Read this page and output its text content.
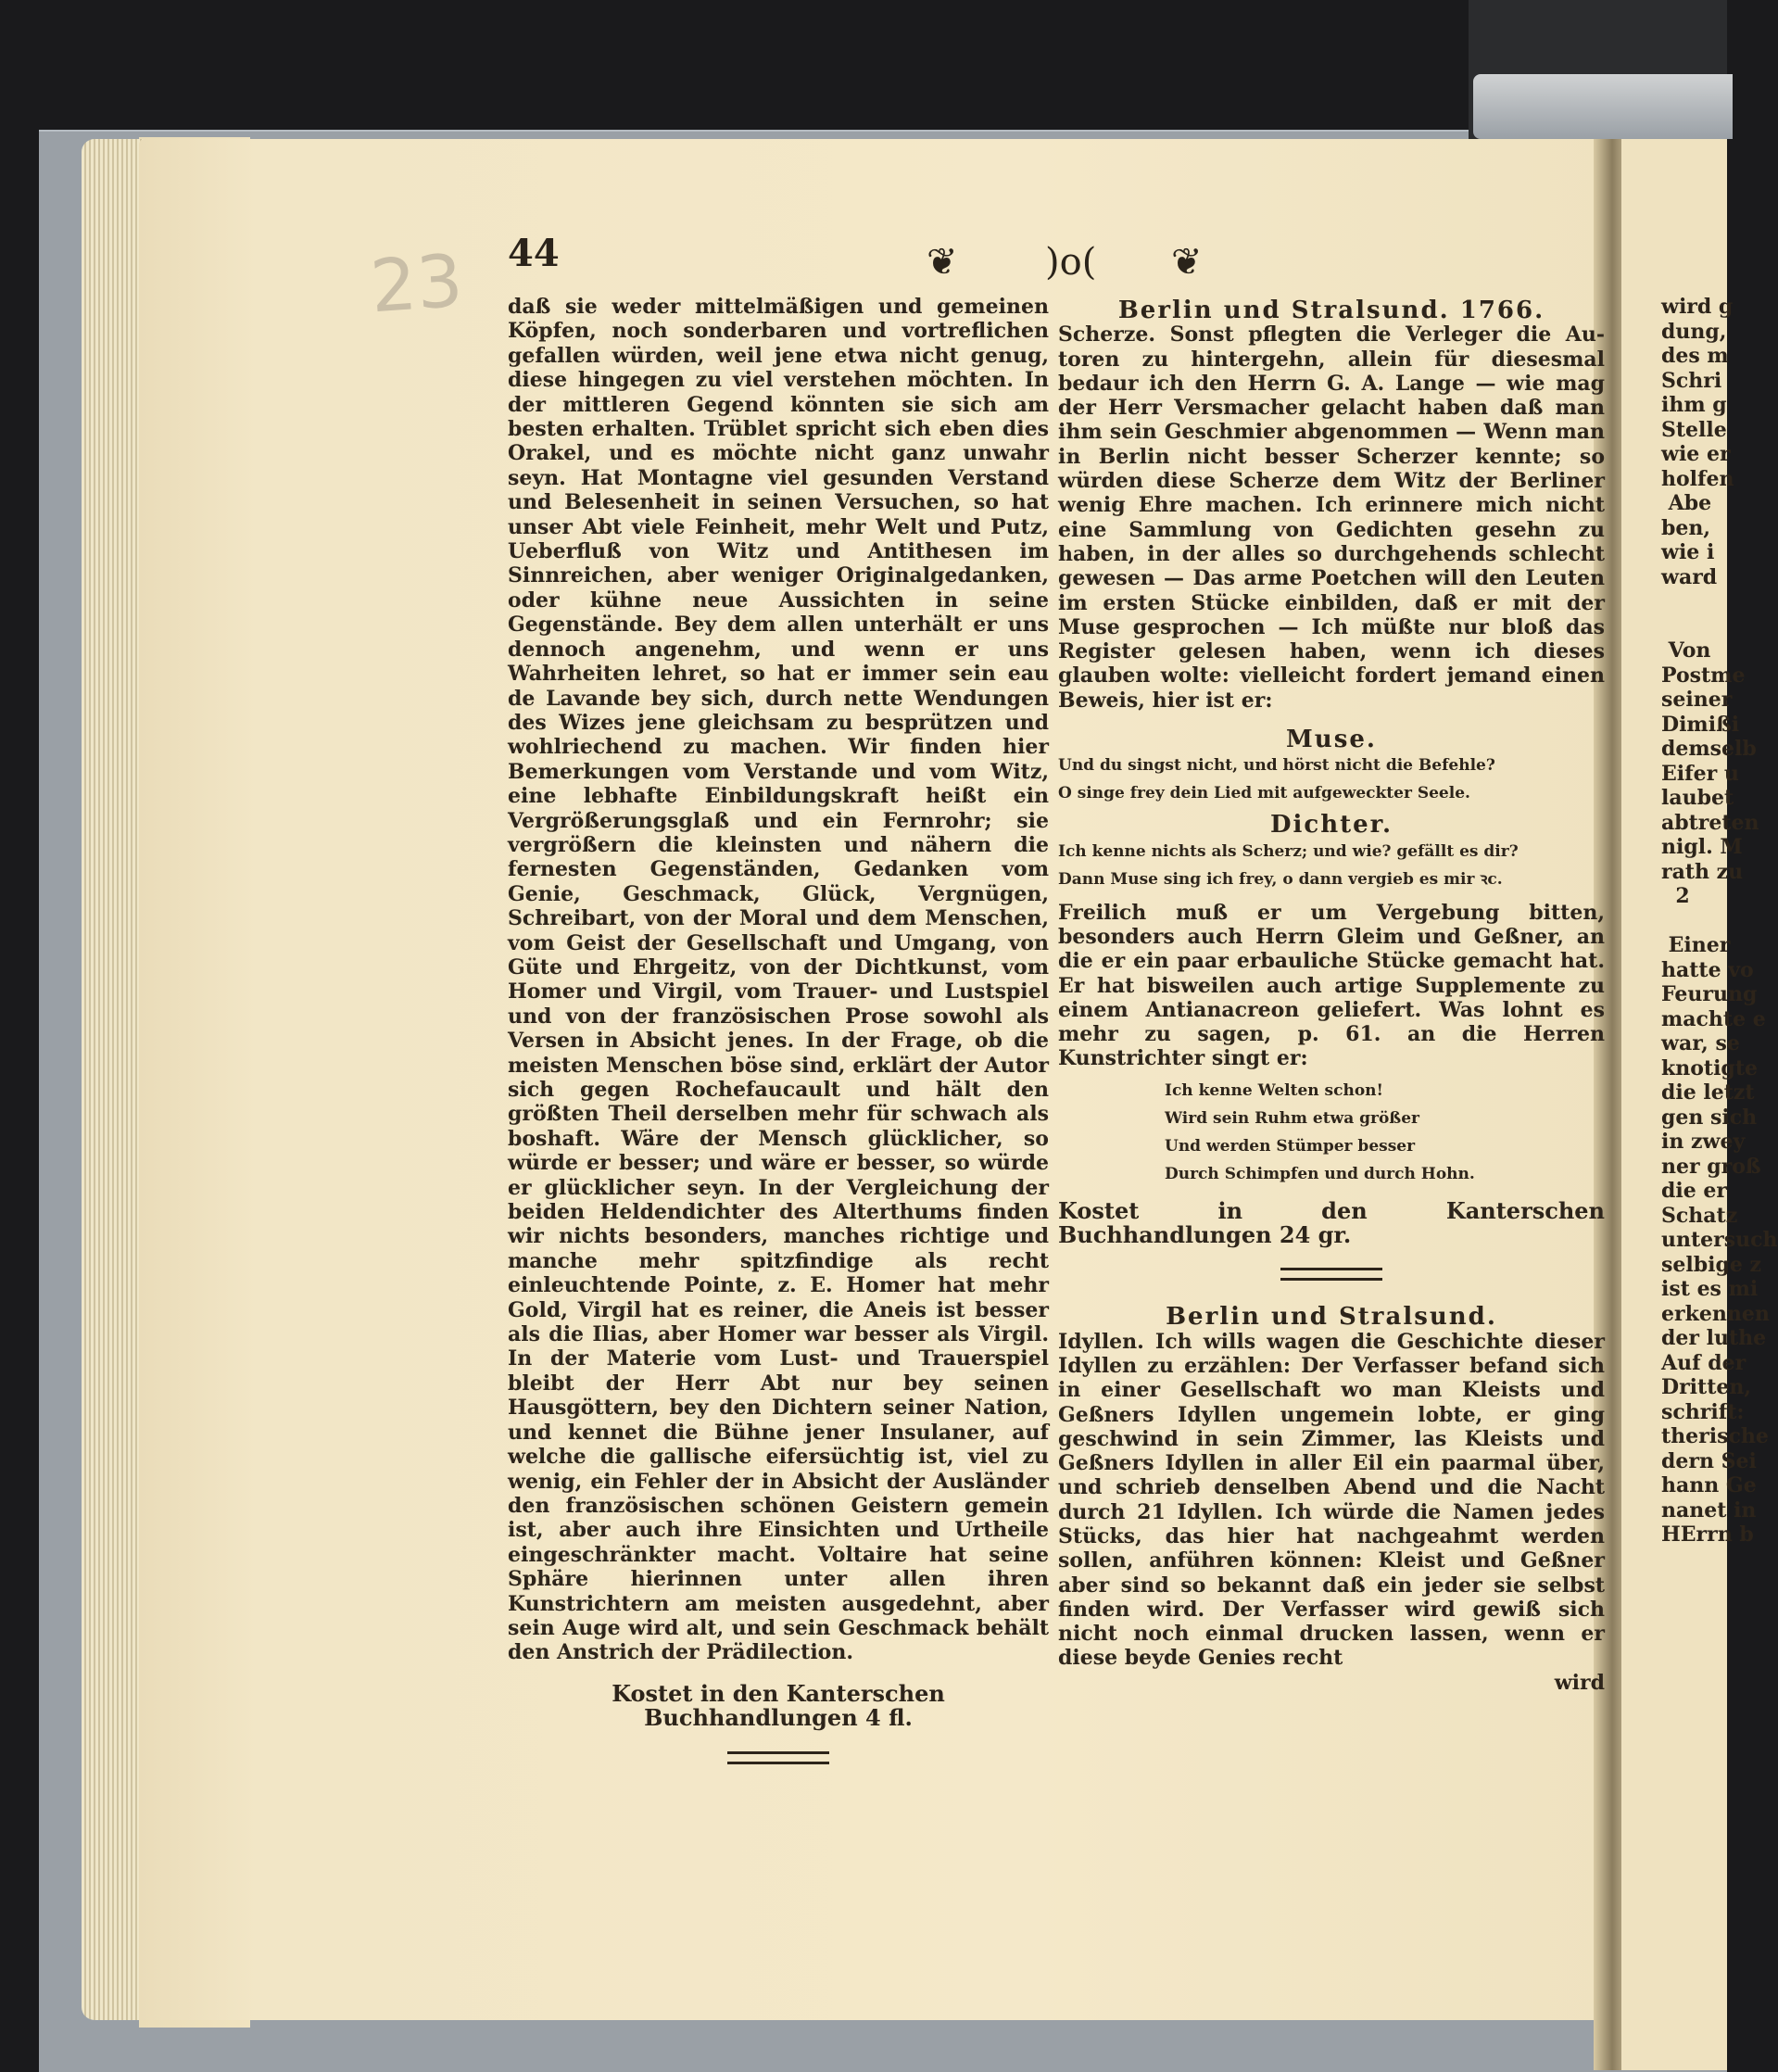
wird g
dung,
des m
Schri
ihm g
Stelle
wie er
holfen
Abe
ben,
wie i
ward

Von
Postme
seiner
Dimißi
demselb
Eifer u
laubet
abtreten
nigl. M
rath zu
2

Einer
hatte vo
Feurung
machte e
war, se
knotigte
die letzt
gen sich
in zwey
ner groß
die er
Schatz
untersuch
selbige z
ist es mi
erkennen
der luthe
Auf der
Dritten,
schrift:
therische
dern Sei
hann Ge
nanet in
HErrn b
23 44	❦ )o( ❦

daß sie weder mittelmäßigen und gemeinen Köpfen, noch sonderbaren und vortreflichen gefallen würden, weil jene etwa nicht genug, diese hingegen zu viel verstehen möchten. In der mittleren Gegend könnten sie sich am besten erhalten. Trüblet spricht sich eben dies Orakel, und es möchte nicht ganz unwahr seyn. Hat Montagne viel gesunden Verstand und Belesenheit in seinen Versuchen, so hat unser Abt viele Feinheit, mehr Welt und Putz, Ueberfluß von Witz und Antithesen im Sinnreichen, aber weniger Originalgedanken, oder kühne neue Aussichten in seine Gegenstände. Bey dem allen unterhält er uns dennoch angenehm, und wenn er uns Wahrheiten lehret, so hat er immer sein eau de Lavande bey sich, durch nette Wendungen des Wizes jene gleichsam zu besprützen und wohlriechend zu machen. Wir finden hier Bemerkungen vom Verstande und vom Witz, eine lebhafte Einbildungskraft heißt ein Vergrößerungsglaß und ein Fernrohr; sie vergrößern die kleinsten und nähern die fernesten Gegenständen, Gedanken vom Genie, Geschmack, Glück, Vergnügen, Schreibart, von der Moral und dem Menschen, vom Geist der Gesellschaft und Umgang, von Güte und Ehrgeitz, von der Dichtkunst, vom Homer und Virgil, vom Trauer- und Lustspiel und von der französischen Prose sowohl als Versen in Absicht jenes. In der Frage, ob die meisten Menschen böse sind, erklärt der Autor sich gegen Rochefaucault und hält den größten Theil derselben mehr für schwach als boshaft. Wäre der Mensch glücklicher, so würde er besser; und wäre er besser, so würde er glücklicher seyn. In der Vergleichung der beiden Heldendichter des Alterthums finden wir nichts besonders, manches richtige und manche mehr spitzfindige als recht einleuchtende Pointe, z. E. Homer hat mehr Gold, Virgil hat es reiner, die Aneis ist besser als die Ilias, aber Homer war besser als Virgil. In der Materie vom Lust- und Trauerspiel bleibt der Herr Abt nur bey seinen Hausgöttern, bey den Dichtern seiner Nation, und kennet die Bühne jener Insulaner, auf welche die gallische eifersüchtig ist, viel zu wenig, ein Fehler der in Absicht der Ausländer den französischen schönen Geistern gemein ist, aber auch ihre Einsichten und Urtheile eingeschränkter macht. Voltaire hat seine Sphäre hierinnen unter allen ihren Kunstrichtern am meisten ausgedehnt, aber sein Auge wird alt, und sein Geschmack behält den Anstrich der Prädilection.

Kostet in den Kanterschen Buchhandlungen 4 fl.

Berlin und Stralsund. 1766.

Scherze. Sonst pflegten die Verleger die Autoren zu hintergehn, allein für diesesmal bedaur ich den Herrn G. A. Lange — wie mag der Herr Versmacher gelacht haben daß man ihm sein Geschmier abgenommen — Wenn man in Berlin nicht besser Scherzer kennte; so würden diese Scherze dem Witz der Berliner wenig Ehre machen. Ich erinnere mich nicht eine Sammlung von Gedichten gesehn zu haben, in der alles so durchgehends schlecht gewesen — Das arme Poetchen will den Leuten im ersten Stücke einbilden, daß er mit der Muse gesprochen — Ich müßte nur bloß das Register gelesen haben, wenn ich dieses glauben wolte: vielleicht fordert jemand einen Beweis, hier ist er:

Muse.

Und du singst nicht, und hörst nicht die Befehle?

O singe frey dein Lied mit aufgeweckter Seele.

Dichter.

Ich kenne nichts als Scherz; und wie? gefällt es dir?

Dann Muse sing ich frey, o dann vergieb es mir ꝛc.

Freilich muß er um Vergebung bitten, besonders auch Herrn Gleim und Geßner, an die er ein paar erbauliche Stücke gemacht hat. Er hat bisweilen auch artige Supplemente zu einem Antianacreon geliefert. Was lohnt es mehr zu sagen, p. 61. an die Herren Kunstrichter singt er:

Ich kenne Welten schon!

Wird sein Ruhm etwa größer

Und werden Stümper besser

Durch Schimpfen und durch Hohn.

Kostet in den Kanterschen Buchhandlungen 24 gr.

Berlin und Stralsund.

Idyllen. Ich wills wagen die Geschichte dieser Idyllen zu erzählen: Der Verfasser befand sich in einer Gesellschaft wo man Kleists und Geßners Idyllen ungemein lobte, er ging geschwind in sein Zimmer, las Kleists und Geßners Idyllen in aller Eil ein paarmal über, und schrieb denselben Abend und die Nacht durch 21 Idyllen. Ich würde die Namen jedes Stücks, das hier hat nachgeahmt werden sollen, anführen können: Kleist und Geßner aber sind so bekannt daß ein jeder sie selbst finden wird. Der Verfasser wird gewiß sich nicht noch einmal drucken lassen, wenn er diese beyde Genies recht

wird
